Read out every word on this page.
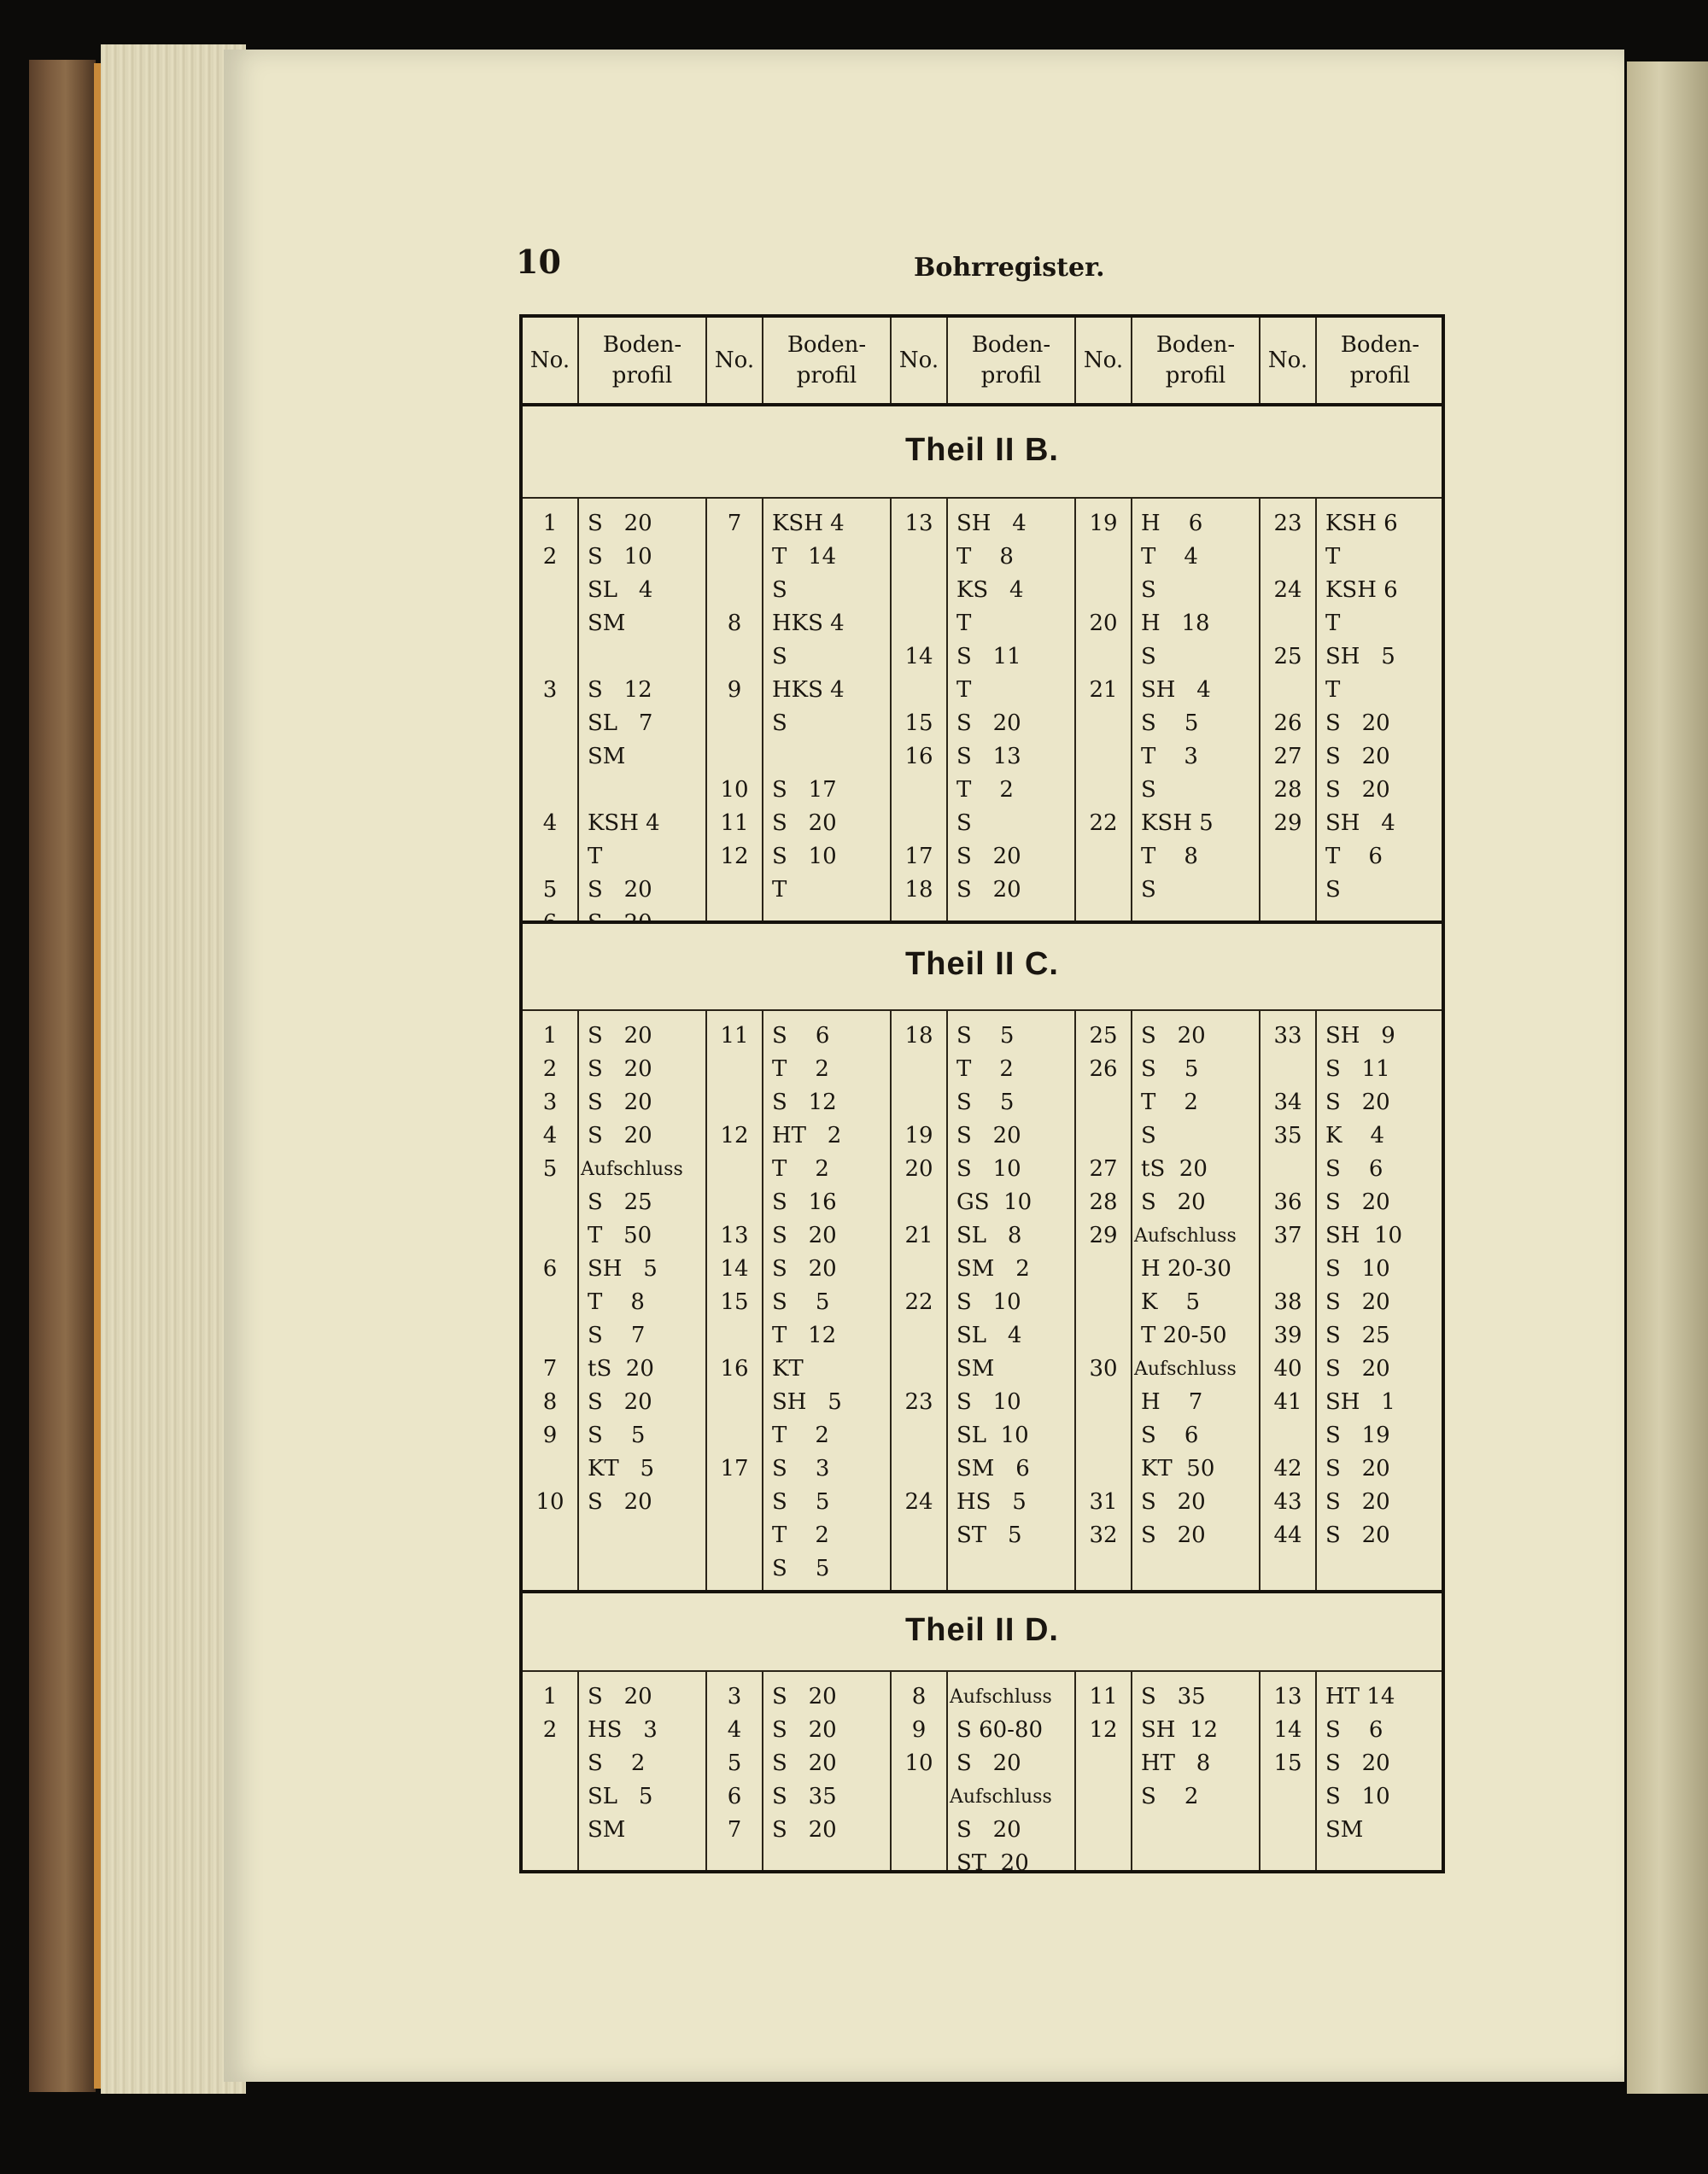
10	Bohrregister.
No.
Boden-
profil
No.
Boden-
profil
No.
Boden-
profil
No.
Boden-
profil
No.
Boden-
profil
Theil II B.
1
2
3
4
5
S   20
S   10
SL   4
SM
S   12
SL   7
SM
KSH 4
T
S   20
7
8
9
10
11
12
KSH 4
T   14
S
HKS 4
S
HKS 4
S
S   17
S   20
S   10
T
13
14
15
16
17
18
SH   4
T    8
KS   4
T
S   11
T
S   20
S   13
T    2
S
S   20
S   20
19
20
21
22
H    6
T    4
S
H   18
S
SH   4
S    5
T    3
S
KSH 5
T    8
S
23
24
25
26
27
28
29
KSH 6
T
KSH 6
T
SH   5
T
S   20
S   20
S   20
SH   4
T    6
S
Theil II C.
1
2
3
4
5
6
7
8
9
10
S   20
S   20
S   20
S   20
Aufschluss
S   25
T   50
SH   5
T    8
S    7
tS  20
S   20
S    5
KT   5
S   20
11
12
13
14
15
16
17
S    6
T    2
S   12
HT   2
T    2
S   16
S   20
S   20
S    5
T   12
KT
SH   5
T    2
S    3
S    5
T    2
S    5
18
19
20
21
22
23
24
S    5
T    2
S    5
S   20
S   10
GS  10
SL   8
SM   2
S   10
SL   4
SM
S   10
SL  10
SM   6
HS   5
ST   5
25
26
27
28
29
30
31
32
S   20
S    5
T    2
S
tS  20
S   20
Aufschluss
H 20-30
K    5
T 20-50
Aufschluss
H    7
S    6
KT  50
S   20
S   20
33
34
35
36
37
38
39
40
41
42
43
44
SH   9
S   11
S   20
K    4
S    6
S   20
SH  10
S   10
S   20
S   25
S   20
SH   1
S   19
S   20
S   20
S   20
Theil II D.
1
2
S   20
HS   3
S    2
SL   5
SM
3
4
5
6
7
S   20
S   20
S   20
S   35
S   20
8
9
10
Aufschluss
S 60-80
S   20
Aufschluss
S   20
ST  20
11
12
S   35
SH  12
HT   8
S    2
13
14
15
HT 14
S    6
S   20
S   10
SM
